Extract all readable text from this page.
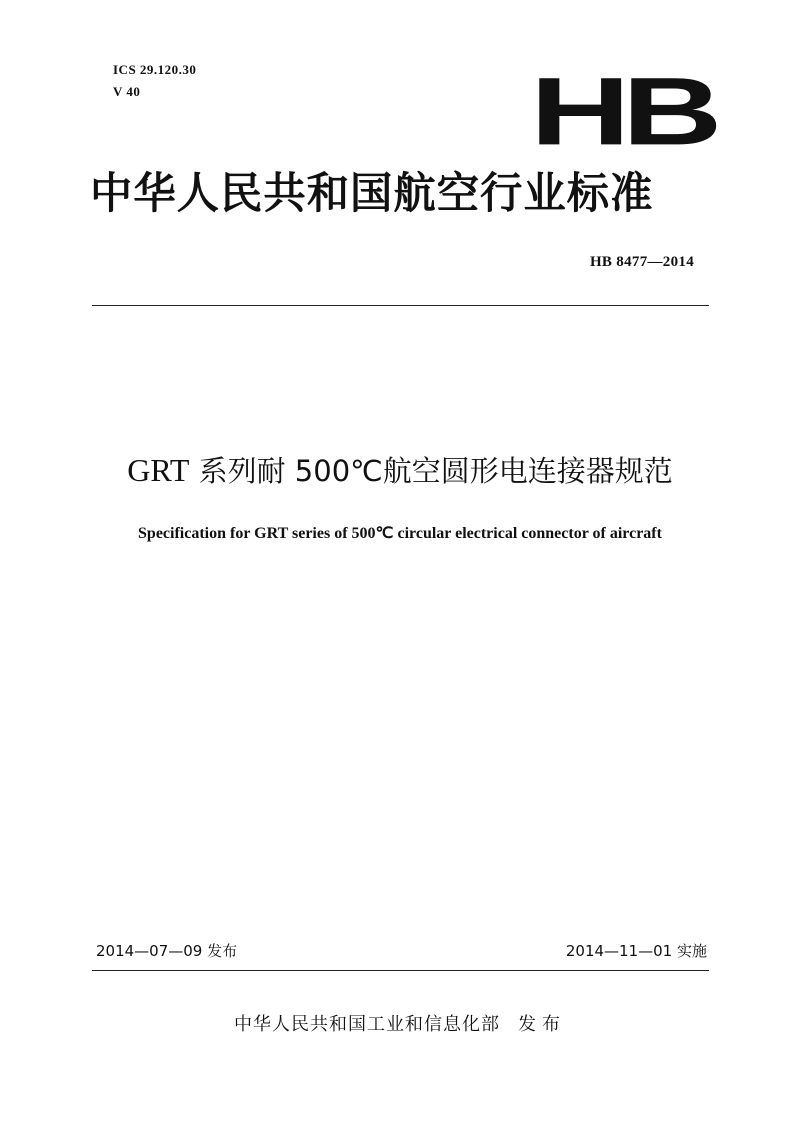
ICS 29.120.30
V 40	HB
中华人民共和国航空行业标准
HB 8477—2014
GRT 系列耐 500℃航空圆形电连接器规范
Specification for GRT series of 500℃ circular electrical connector of aircraft
2014—07—09 发布	2014—11—01 实施
中华人民共和国工业和信息化部 发布
